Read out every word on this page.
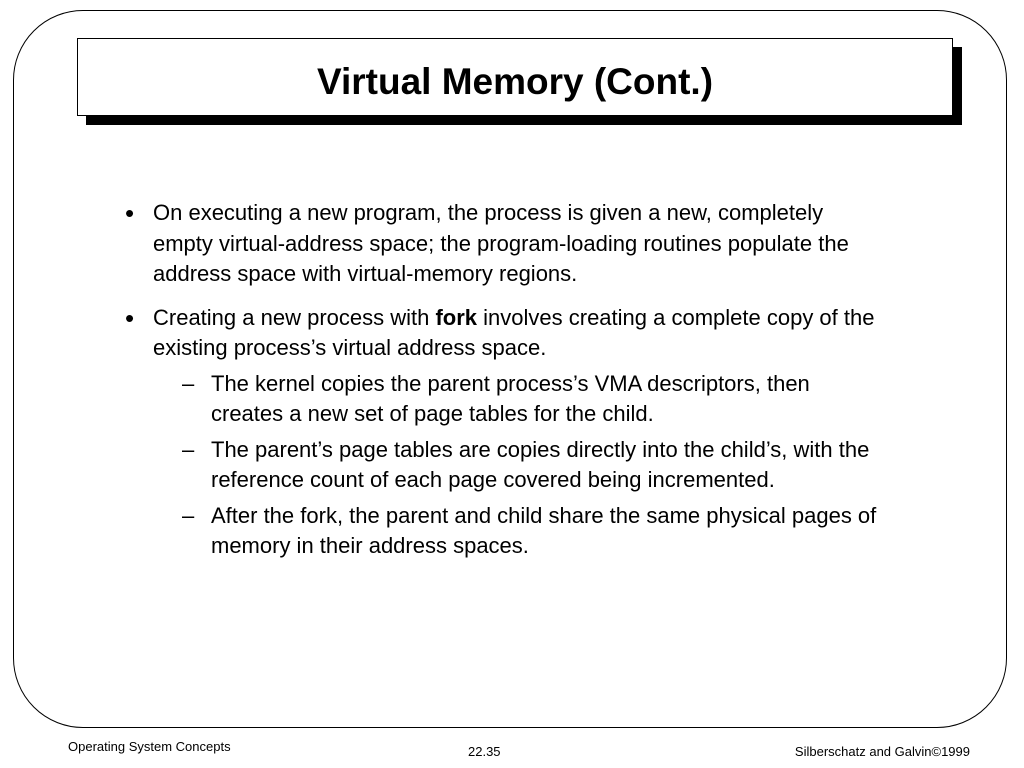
Virtual Memory (Cont.)
• On executing a new program, the process is given a new, completely empty virtual-address space; the program-loading routines populate the address space with virtual-memory regions.
• Creating a new process with fork involves creating a complete copy of the existing process’s virtual address space.
– The kernel copies the parent process’s VMA descriptors, then creates a new set of page tables for the child.
– The parent’s page tables are copies directly into the child’s, with the reference count of each page covered being incremented.
– After the fork, the parent and child share the same physical pages of memory in their address spaces.
Operating System Concepts	22.35	Silberschatz and Galvin©1999
